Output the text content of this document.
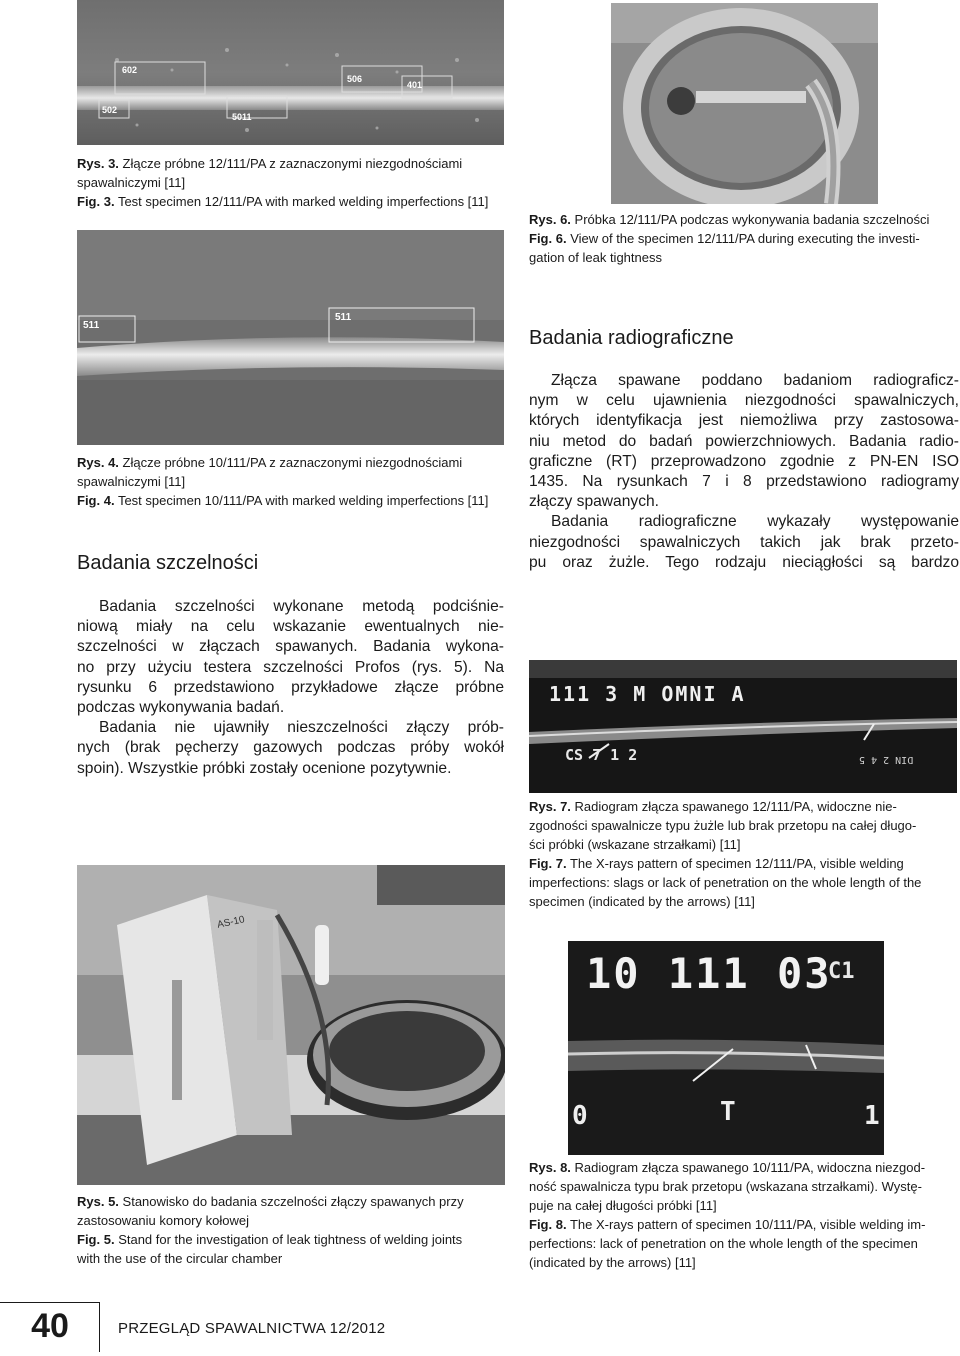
602
506
401
502
5011
Rys. 3. Złącze próbne 12/111/PA z zaznaczonymi niezgodnościami
spawalniczymi [11]
Fig. 3. Test specimen 12/111/PA with marked welding imperfections [11]
Rys. 6. Próbka 12/111/PA podczas wykonywania badania szczelności
Fig. 6. View of the specimen 12/111/PA during executing the investi-
gation of leak tightness
511
511
Rys. 4. Złącze próbne 10/111/PA z zaznaczonymi niezgodnościami
spawalniczymi [11]
Fig. 4. Test specimen 10/111/PA with marked welding imperfections [11]
Badania szczelności

Badania szczelności wykonane metodą podciśnie-
niową miały na celu wskazanie ewentualnych nie-
szczelności w złączach spawanych. Badania wykona-
no przy użyciu testera szczelności Profos (rys. 5). Na
rysunku 6 przedstawiono przykładowe złącze próbne
podczas wykonywania badań.

Badania nie ujawniły nieszczelności złączy prób-
nych (brak pęcherzy gazowych podczas próby wokół
spoin). Wszystkie próbki zostały ocenione pozytywnie.

Badania radiograficzne

Złącza spawane poddano badaniom radiograficz-
nym w celu ujawnienia niezgodności spawalniczych,
których identyfikacja jest niemożliwa przy zastosowa-
niu metod do badań powierzchniowych. Badania radio-
graficzne (RT) przeprowadzono zgodnie z PN-EN ISO
1435. Na rysunkach 7 i 8 przedstawiono radiogramy
złączy spawanych.

Badania radiograficzne wykazały występowanie
niezgodności spawalniczych takich jak brak przeto-
pu oraz żużle. Tego rodzaju nieciągłości są bardzo

111 3 M OMNI A
CS 7 1 2	DIN 2 4 5
Rys. 7. Radiogram złącza spawanego 12/111/PA, widoczne nie-
zgodności spawalnicze typu żużle lub brak przetopu na całej długo-
ści próbki (wskazane strzałkami) [11]
Fig. 7. The X-rays pattern of specimen 12/111/PA, visible welding
imperfections: slags or lack of penetration on the whole length of the
specimen (indicated by the arrows) [11]
AS-10
Rys. 5. Stanowisko do badania szczelności złączy spawanych przy
zastosowaniu komory kołowej
Fig. 5. Stand for the investigation of leak tightness of welding joints
with the use of the circular chamber
10 111 03
C1
0	T	1
Rys. 8. Radiogram złącza spawanego 10/111/PA, widoczna niezgod-
ność spawalnicza typu brak przetopu (wskazana strzałkami). Wystę-
puje na całej długości próbki [11]
Fig. 8. The X-rays pattern of specimen 10/111/PA, visible welding im-
perfections: lack of penetration on the whole length of the specimen
(indicated by the arrows) [11]
40	PRZEGLĄD SPAWALNICTWA 12/2012
